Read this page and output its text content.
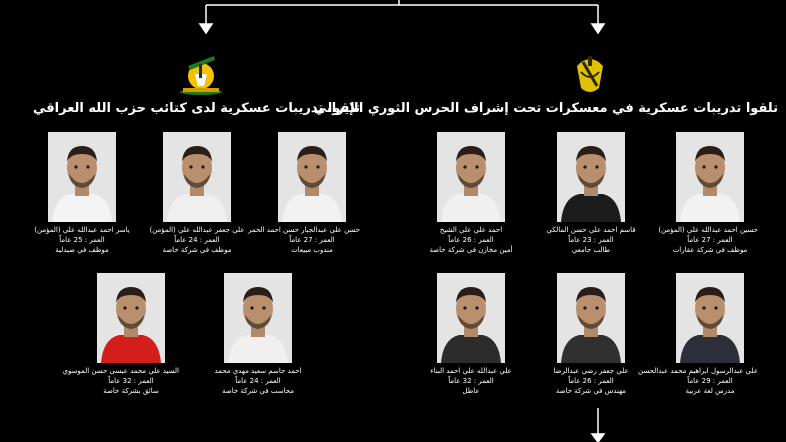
تلقوا تدريبات عسكرية لدى كتائب حزب الله العراقي
تلقوا تدريبات عسكرية في معسكرات تحت إشراف الحرس الثوري الإيراني
حسن علي عبدالجبار حسن احمد الحمر
العمر : 27 عاماً
مندوب مبيعات
علي جعفر عبدالله علي (المؤمن)
العمر : 24 عاماً
موظف في شركة خاصة
ياسر احمد عبدالله علي (المؤمن)
العمر : 25 عاماً
موظف في صيدلية
احمد جاسم سعيد مهدي محمد
العمر : 24 عاماً
محاسب في شركة خاصة
السيد علي محمد عيسى حسن الموسوي
العمر : 32 عاماً
سائق بشركة خاصة
حسين احمد عبدالله علي (المؤمن)
العمر : 27 عاماً
موظف في شركة عقارات
قاسم احمد علي حسن المالكي
العمر : 23 عاماً
طالب جامعي
احمد علي علي الشيخ
العمر : 26 عاماً
أمين مخازن في شركة خاصة
علي عبدالرسول ابراهيم محمد عبدالحسن
العمر : 29 عاماً
مدرس لغة عربية
علي جعفر رضي عبدالرضا
العمر : 26 عاماً
مهندس في شركة خاصة
علي عبدالله علي احمد البناء
العمر : 32 عاماً
عاطل
